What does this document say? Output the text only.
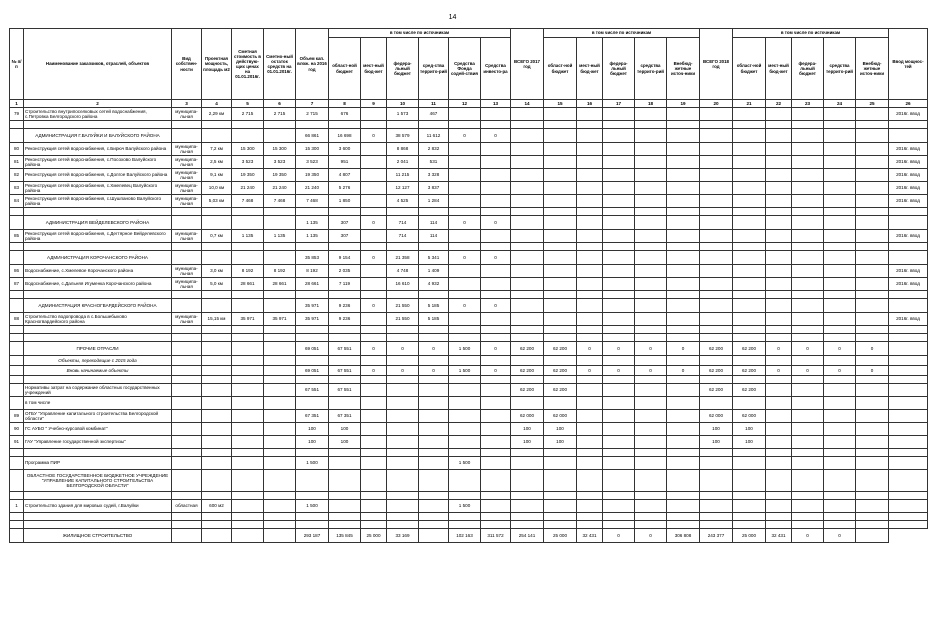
14
№ п/п	Наименование заказчиков, отраслей, объектов	Вид собствен-ности	Проектная мощность, площадь м2	Сметная стоимость в действую-щих ценах на 01.01.2016г.	Сметно-ный остаток средств на 01.01.2016г.	Объем кап. влож. на 2016 год	в том числе по источникам						ВСЕГО 2017 год	в том числе по источникам					ВСЕГО 2018 год	в том числе по источникам					Ввод мощнос-тей	
							област-ной бюджет	мест-ный бюд-жет	федера-льный бюджет	сред-ства террито-рий	Средства Фонда содей-ствия	Средства инвесто-ра		област-ной бюджет	мест-ный бюд-жет	федера-льный бюджет	средства террито-рий	Внебюд-жетные источ-ники		област-ной бюджет	мест-ный бюд-жет	федера-льный бюджет	средства террито-рий	Внебюд-жетные источ-ники		
1	2	3	4	5	6	7	8	9	10	11	12	13	14	15	16	17	18	19	20	21	22	23	24	25	26	
79	Строительство внутрипоселковых сетей водоснабжения, с.Петровка Белгородского района	муниципа-льная	2,29 км	2 715	2 715	2 715	676		1 573	467															2016г. ввод	

	АДМИНИСТРАЦИЯ Г.ВАЛУЙКИ И ВАЛУЙСКОГО РАЙОНА					66 861	16 698	0	38 579	11 612	0	0														
80	Реконструкция сетей водоснабжения, с.Бирюч Валуйского района	муниципа-льная	7,2 км	15 300	15 300	15 300	3 600		8 868	2 832															2016г. ввод	
81	Реконструкция сетей водоснабжения, с.Посохово Валуйского района	муниципа-льная	2,5 км	3 523	3 523	3 523	951		2 041	531															2016г. ввод	
82	Реконструкция сетей водоснабжения, с.Долгое Валуйского района	муниципа-льная	9,1 км	19 350	19 350	19 350	4 807		11 215	3 328															2016г. ввод	
83	Реконструкция сетей водоснабжения, с.Хмелевец Валуйского района	муниципа-льная	10,0 км	21 240	21 240	21 240	5 276		12 127	3 837															2016г. ввод	
84	Реконструкция сетей водоснабжения, с.Шушпаново Валуйского района	муниципа-льная	5,03 км	7 468	7 468	7 468	1 850		4 525	1 284															2016г. ввод	

	АДМИНИСТРАЦИЯ ВЕЙДЕЛЕВСКОГО РАЙОНА					1 135	307	0	714	114	0	0														
85	Реконструкция сетей водоснабжения, с.Дегтярное Вейделевского района	муниципа-льная	0,7 км	1 135	1 135	1 135	307		714	114															2016г. ввод	

	АДМИНИСТРАЦИЯ КОРОЧАНСКОГО РАЙОНА					35 853	9 154	0	21 358	5 341	0	0														
86	Водоснабжение, с.Хмелевое Корочанского района	муниципа-льная	3,0 км	8 192	8 192	8 192	2 035		4 748	1 409															2016г. ввод	
87	Водоснабжение, с.Дальняя Игуменка Корочанского района	муниципа-льная	5,0 км	28 661	28 661	28 661	7 119		16 610	4 932															2016г. ввод	

	АДМИНИСТРАЦИЯ КРАСНОГВАРДЕЙСКОГО РАЙОНА					35 971	9 236	0	21 550	5 185	0	0														
88	Строительство водопровода в с.Большебыково Красногвардейского района	муниципа-льная	15,15 км	35 971	35 971	35 971	9 236		21 550	5 185															2016г. ввод	

	ПРОЧИЕ ОТРАСЛИ					69 051	67 551	0	0	0	1 500	0	62 200	62 200	0	0	0	0	62 200	62 200	0	0	0	0		
	Объекты, переходящие с 2015 года																									
	Вновь начинаемые объекты					69 051	67 551	0	0	0	1 500	0	62 200	62 200	0	0	0	0	62 200	62 200	0	0	0	0		

	Нормативы затрат на содержание областных государственных учреждений					67 551	67 551						62 200	62 200					62 200	62 200						
	в том числе																									
89	ОГБУ "Управление капитального строительства Белгородской области"					67 351	67 351						62 000	62 000					62 000	62 000						
90	ГС АУБО " Учебно-курсовой комбинат"					100	100						100	100					100	100						
91	ГАУ "Управление государственной экспертизы"					100	100						100	100					100	100						

	Программа ПИР					1 500					1 500															
	ОБЛАСТНОЕ ГОСУДАРСТВЕННОЕ БЮДЖЕТНОЕ УЧРЕЖДЕНИЕ "УПРАВЛЕНИЕ КАПИТАЛЬНОГО СТРОИТЕЛЬСТВА БЕЛГОРОДСКОЙ ОБЛАСТИ"																									

1	Строительство здания для мировых судей, г.Валуйки	областная	600 м2			1 500					1 500															

	ЖИЛИЩНОЕ СТРОИТЕЛЬСТВО					293 187	135 845	25 000	33 169		102 163	311 572	254 141	25 000	32 431	0	0	306 808	243 377	25 000	32 431	0	0			
